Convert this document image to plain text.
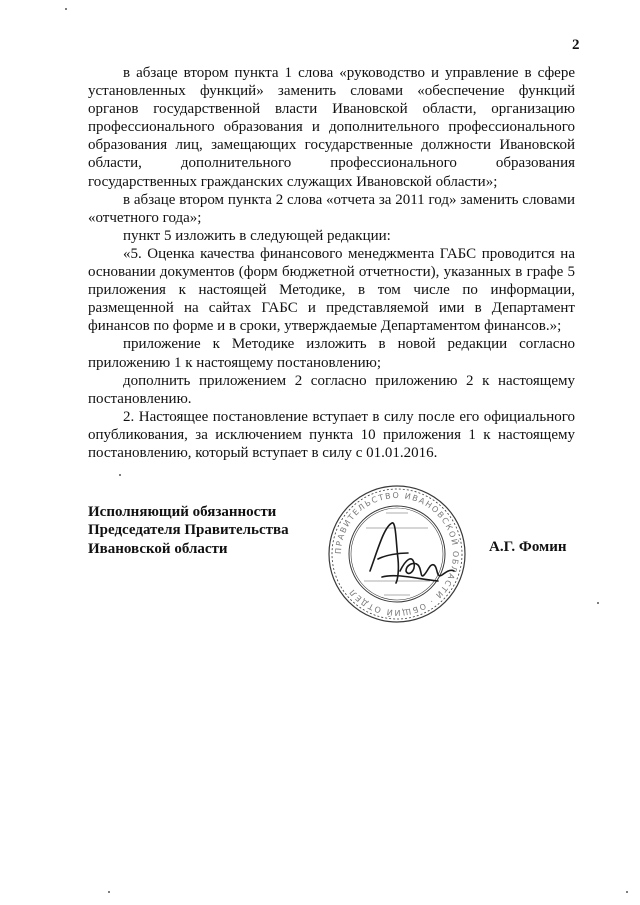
2

в абзаце втором пункта 1 слова «руководство и управление в сфере установленных функций» заменить словами «обеспечение функций органов государственной власти Ивановской области, организацию профессионального образования и дополнительного профессионального образования лиц, замещающих государственные должности Ивановской области, дополнительного профессионального образования государственных гражданских служащих Ивановской области»;

в абзаце втором пункта 2 слова «отчета за 2011 год» заменить словами «отчетного года»;

пункт 5 изложить в следующей редакции:

«5. Оценка качества финансового менеджмента ГАБС проводится на основании документов (форм бюджетной отчетности), указанных в графе 5 приложения к настоящей Методике, в том числе по информации, размещенной на сайтах ГАБС и представляемой ими в Департамент финансов по форме и в сроки, утверждаемые Департаментом финансов.»;

приложение к Методике изложить в новой редакции согласно приложению 1 к настоящему постановлению;

дополнить приложением 2 согласно приложению 2 к настоящему постановлению.

2. Настоящее постановление вступает в силу после его официального опубликования, за исключением пункта 10 приложения 1 к настоящему постановлению, который вступает в силу с 01.01.2016.

Исполняющий обязанности
Председателя Правительства
Ивановской области	ПРАВИТЕЛЬСТВО ИВАНОВСКОЙ ОБЛАСТИ · ОБЩИЙ ОТДЕЛ
А.Г. Фомин
